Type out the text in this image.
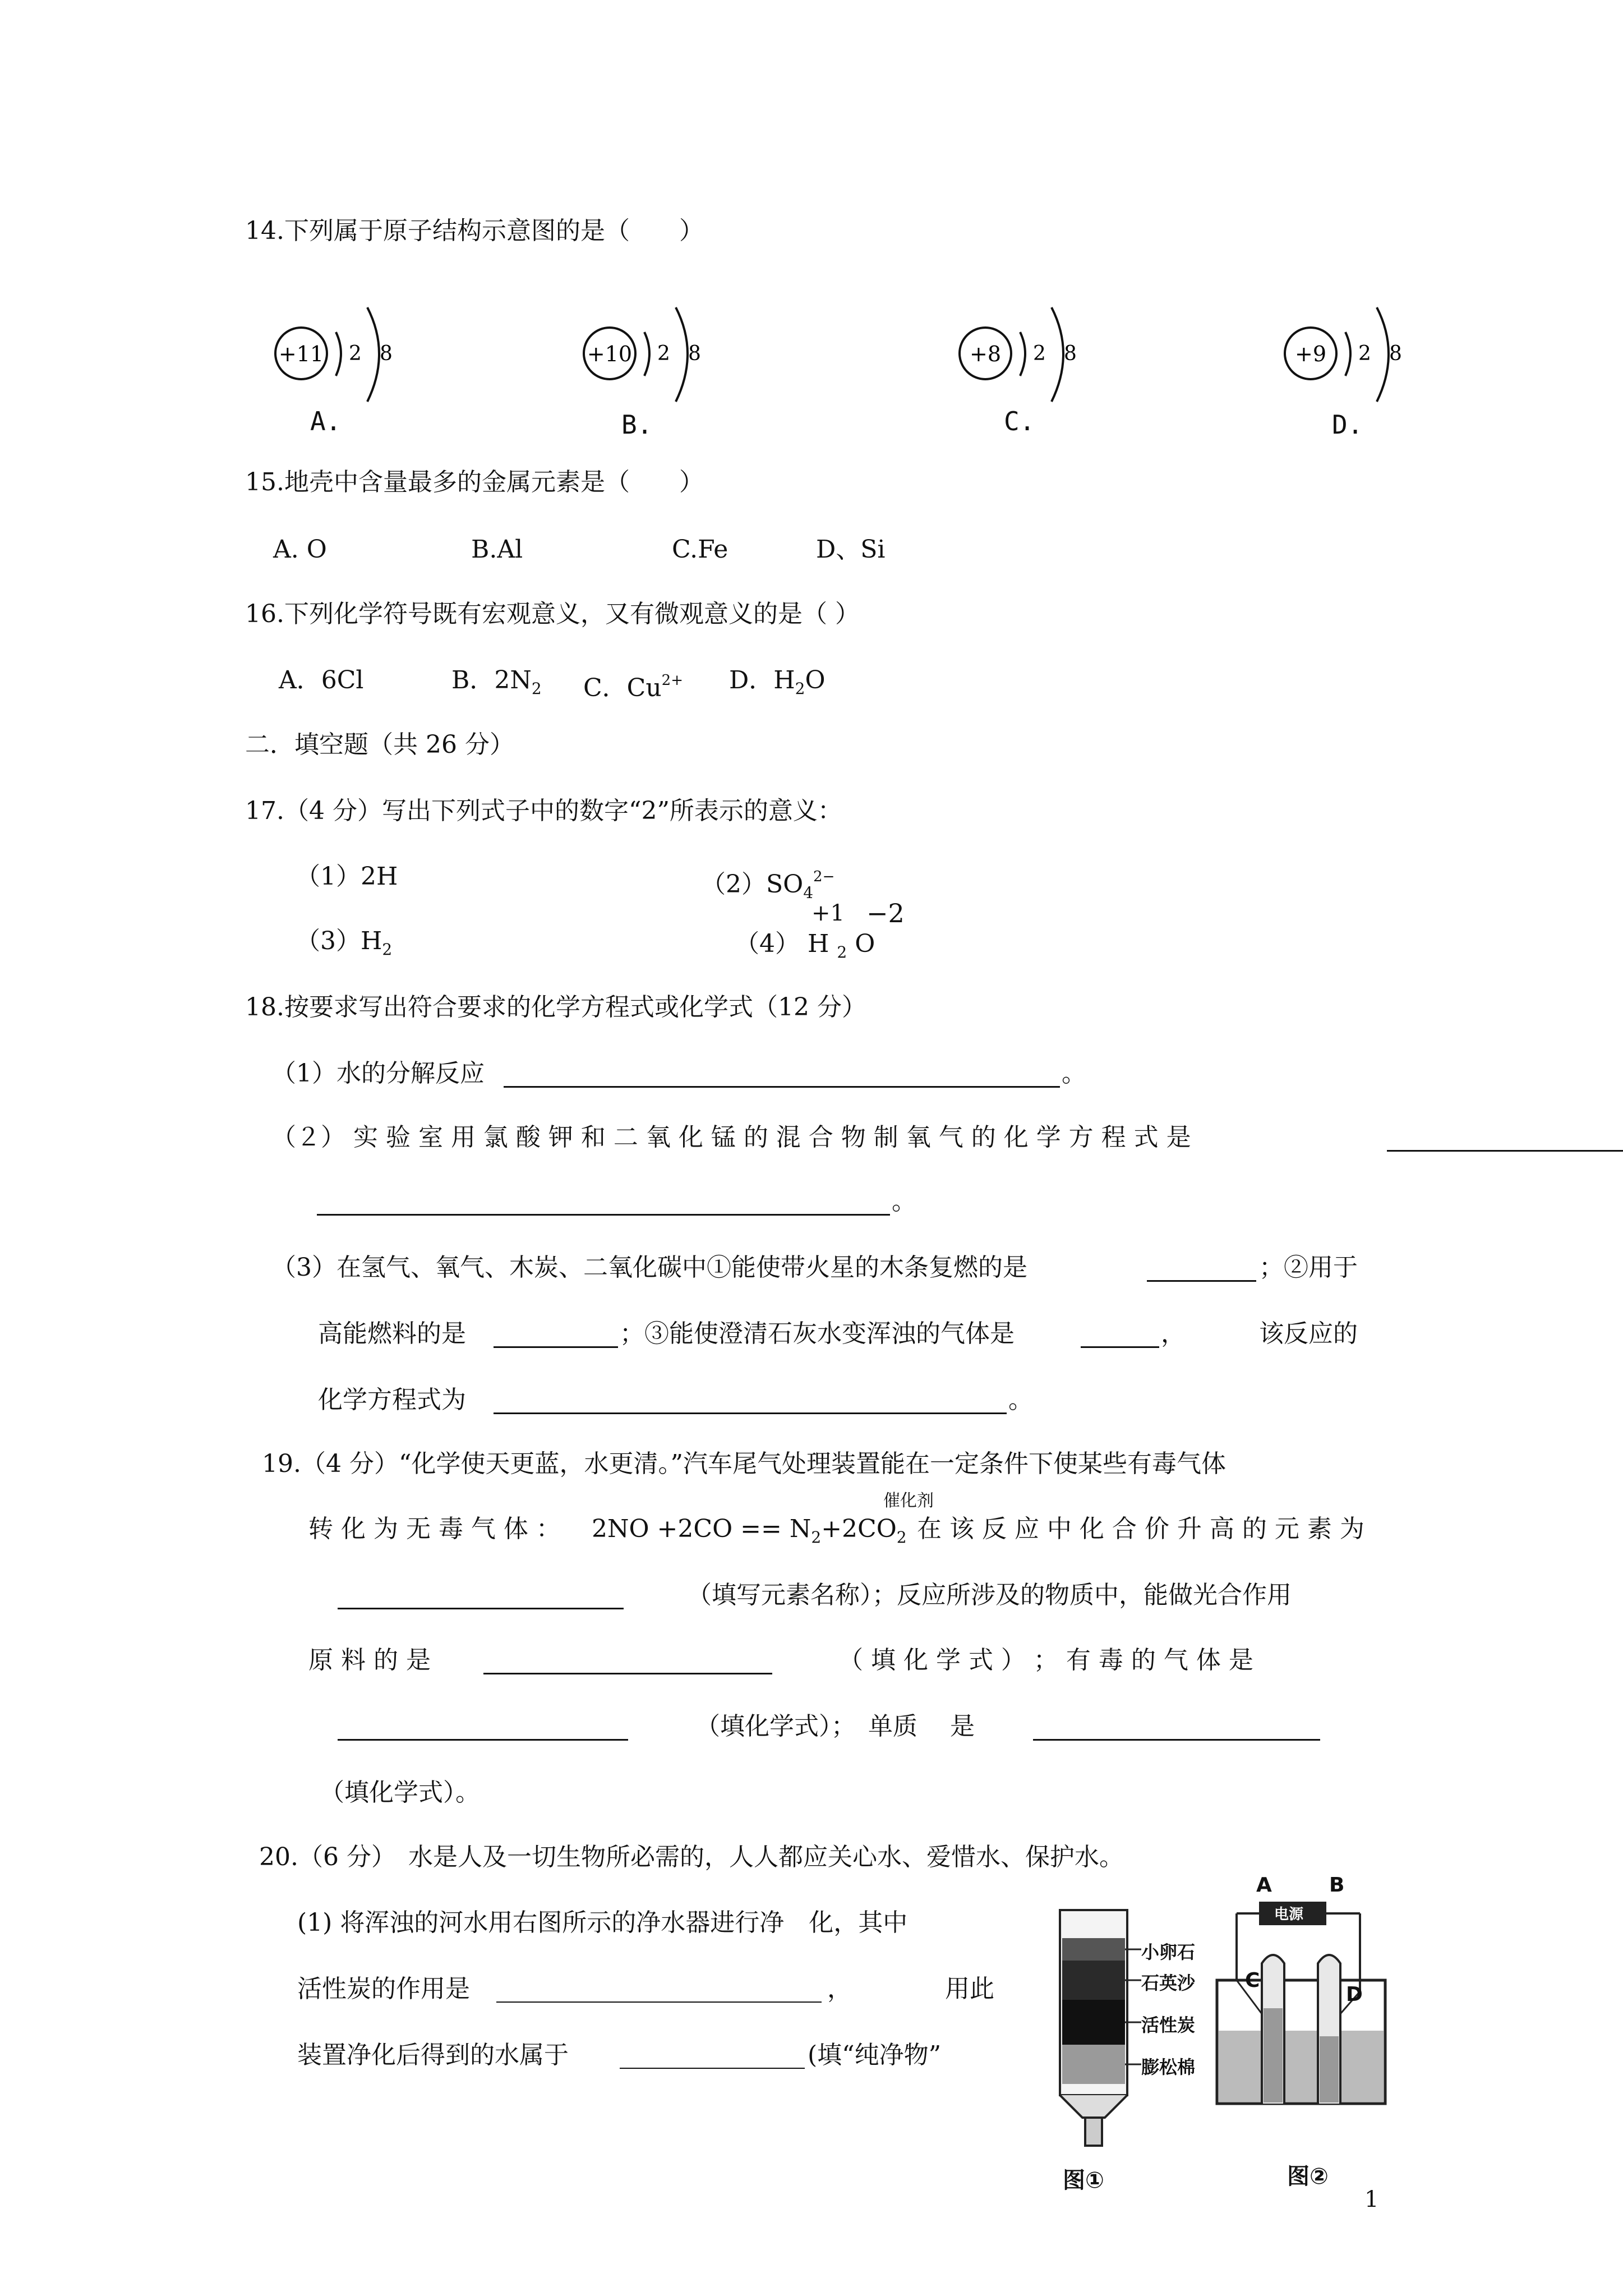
14.下列属于原子结构示意图的是（　　）
+11 2 8
A.
+10 2 8
B.
+8 2 8
C.
+9 2 8
D.
15.地壳中含量最多的金属元素是（　　）
A. O	B.Al	C.Fe	D、Si
16.下列化学符号既有宏观意义，又有微观意义的是（ ）
A．6Cl	B．$2N_2$ C．$Cu^{2+}$ D．$H_2O$
二．填空题（共 26 分）
17.（4 分）写出下列式子中的数字“2”所表示的意义：
（1）2H	$(2)SO_4^{2-}$
$(3)H_2$
+1 −2
（4） H $_2$ O
18.按要求写出符合要求的化学方程式或化学式（12 分）
（1）水的分解反应	。
（２） 实 验 室 用 氯 酸 钾 和 二 氧 化 锰 的 混 合 物 制 氧 气 的 化 学 方 程 式 是
。
（3）在氢气、氧气、木炭、二氧化碳中①能使带火星的木条复燃的是	；②用于
高能燃料的是	；③能使澄清石灰水变浑浊的气体是	，	该反应的
化学方程式为	。
19.（4 分）“化学使天更蓝，水更清。”汽车尾气处理装置能在一定条件下使某些有毒气体
催化剂
转 化 为 无 毒 气 体 ： $2NO +2CO == N_2+2CO_2$ 在 该 反 应 中 化 合 价 升 高 的 元 素 为
（填写元素名称）；反应所涉及的物质中，能做光合作用
原 料 的 是	（ 填 化 学 式 ） ； 有 毒 的 气 体 是
（填化学式）；　单质　 是
（填化学式）。
20.（6 分）　水是人及一切生物所必需的，人人都应关心水、爱惜水、保护水。
(1) 将浑浊的河水用右图所示的净水器进行净　化，其中
活性炭的作用是	，	用此
装置净化后得到的水属于	(填“纯净物”
小卵石
石英沙
活性炭
膨松棉
图①
A	B
电源
C
D
图②
1
